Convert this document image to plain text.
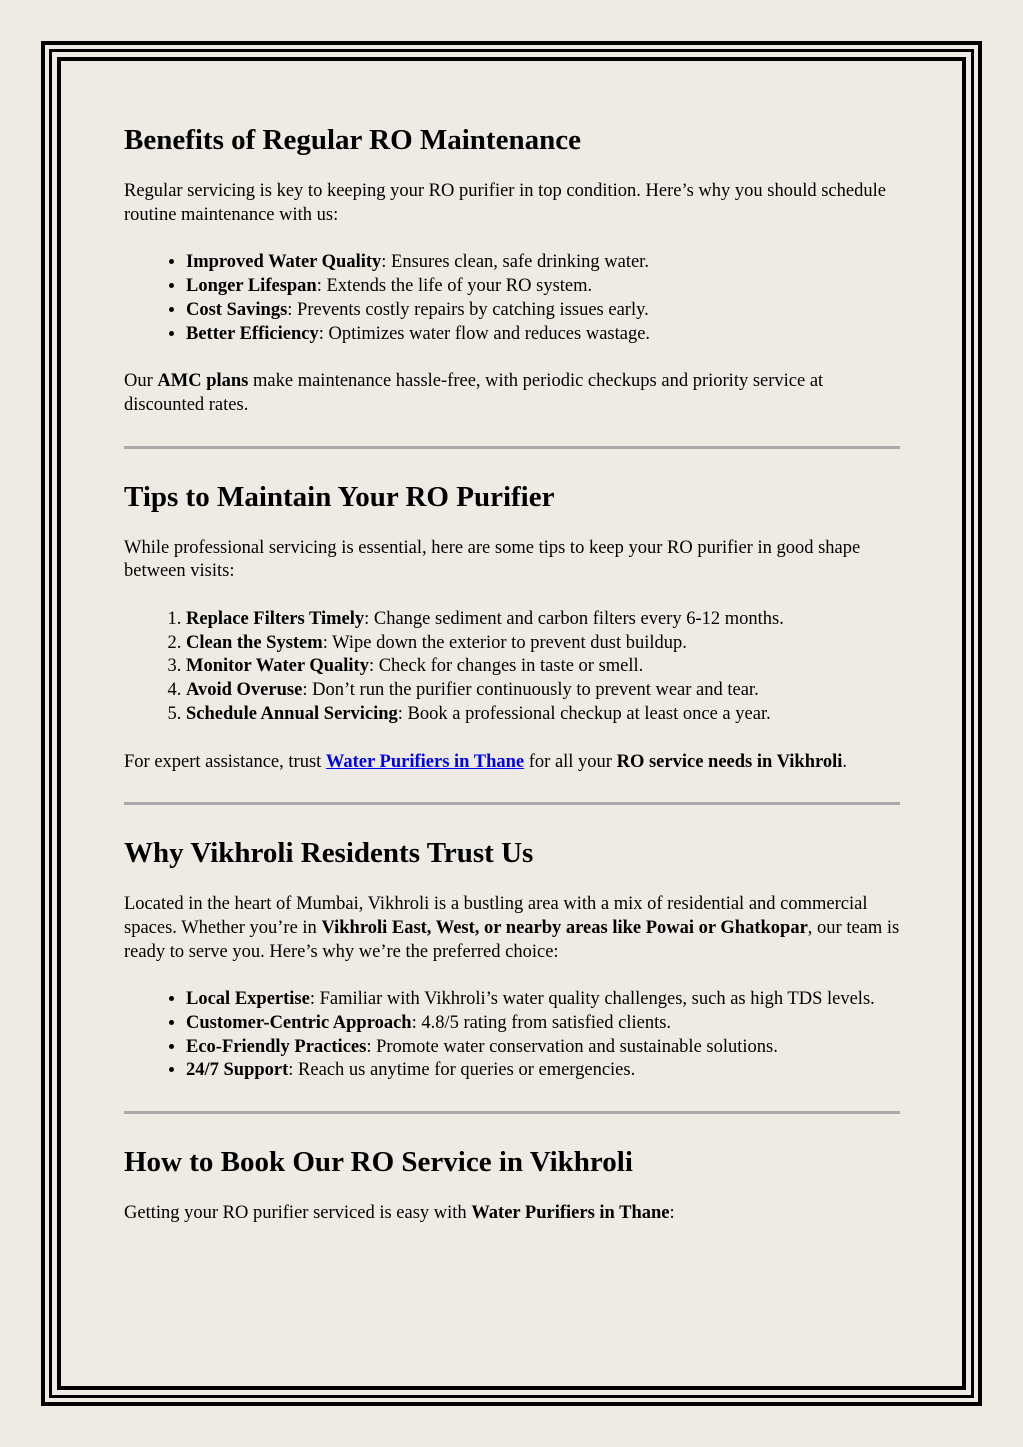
Benefits of Regular RO Maintenance

Regular servicing is key to keeping your RO purifier in top condition. Here’s why you should schedule routine maintenance with us:

• Improved Water Quality: Ensures clean, safe drinking water.
• Longer Lifespan: Extends the life of your RO system.
• Cost Savings: Prevents costly repairs by catching issues early.
• Better Efficiency: Optimizes water flow and reduces wastage.

Our AMC plans make maintenance hassle-free, with periodic checkups and priority service at discounted rates.

Tips to Maintain Your RO Purifier

While professional servicing is essential, here are some tips to keep your RO purifier in good shape between visits:

1. Replace Filters Timely: Change sediment and carbon filters every 6-12 months.
2. Clean the System: Wipe down the exterior to prevent dust buildup.
3. Monitor Water Quality: Check for changes in taste or smell.
4. Avoid Overuse: Don’t run the purifier continuously to prevent wear and tear.
5. Schedule Annual Servicing: Book a professional checkup at least once a year.

For expert assistance, trust Water Purifiers in Thane for all your RO service needs in Vikhroli.

Why Vikhroli Residents Trust Us

Located in the heart of Mumbai, Vikhroli is a bustling area with a mix of residential and commercial spaces. Whether you’re in Vikhroli East, West, or nearby areas like Powai or Ghatkopar, our team is ready to serve you. Here’s why we’re the preferred choice:

• Local Expertise: Familiar with Vikhroli’s water quality challenges, such as high TDS levels.
• Customer-Centric Approach: 4.8/5 rating from satisfied clients.
• Eco-Friendly Practices: Promote water conservation and sustainable solutions.
• 24/7 Support: Reach us anytime for queries or emergencies.
How to Book Our RO Service in Vikhroli

Getting your RO purifier serviced is easy with Water Purifiers in Thane:
